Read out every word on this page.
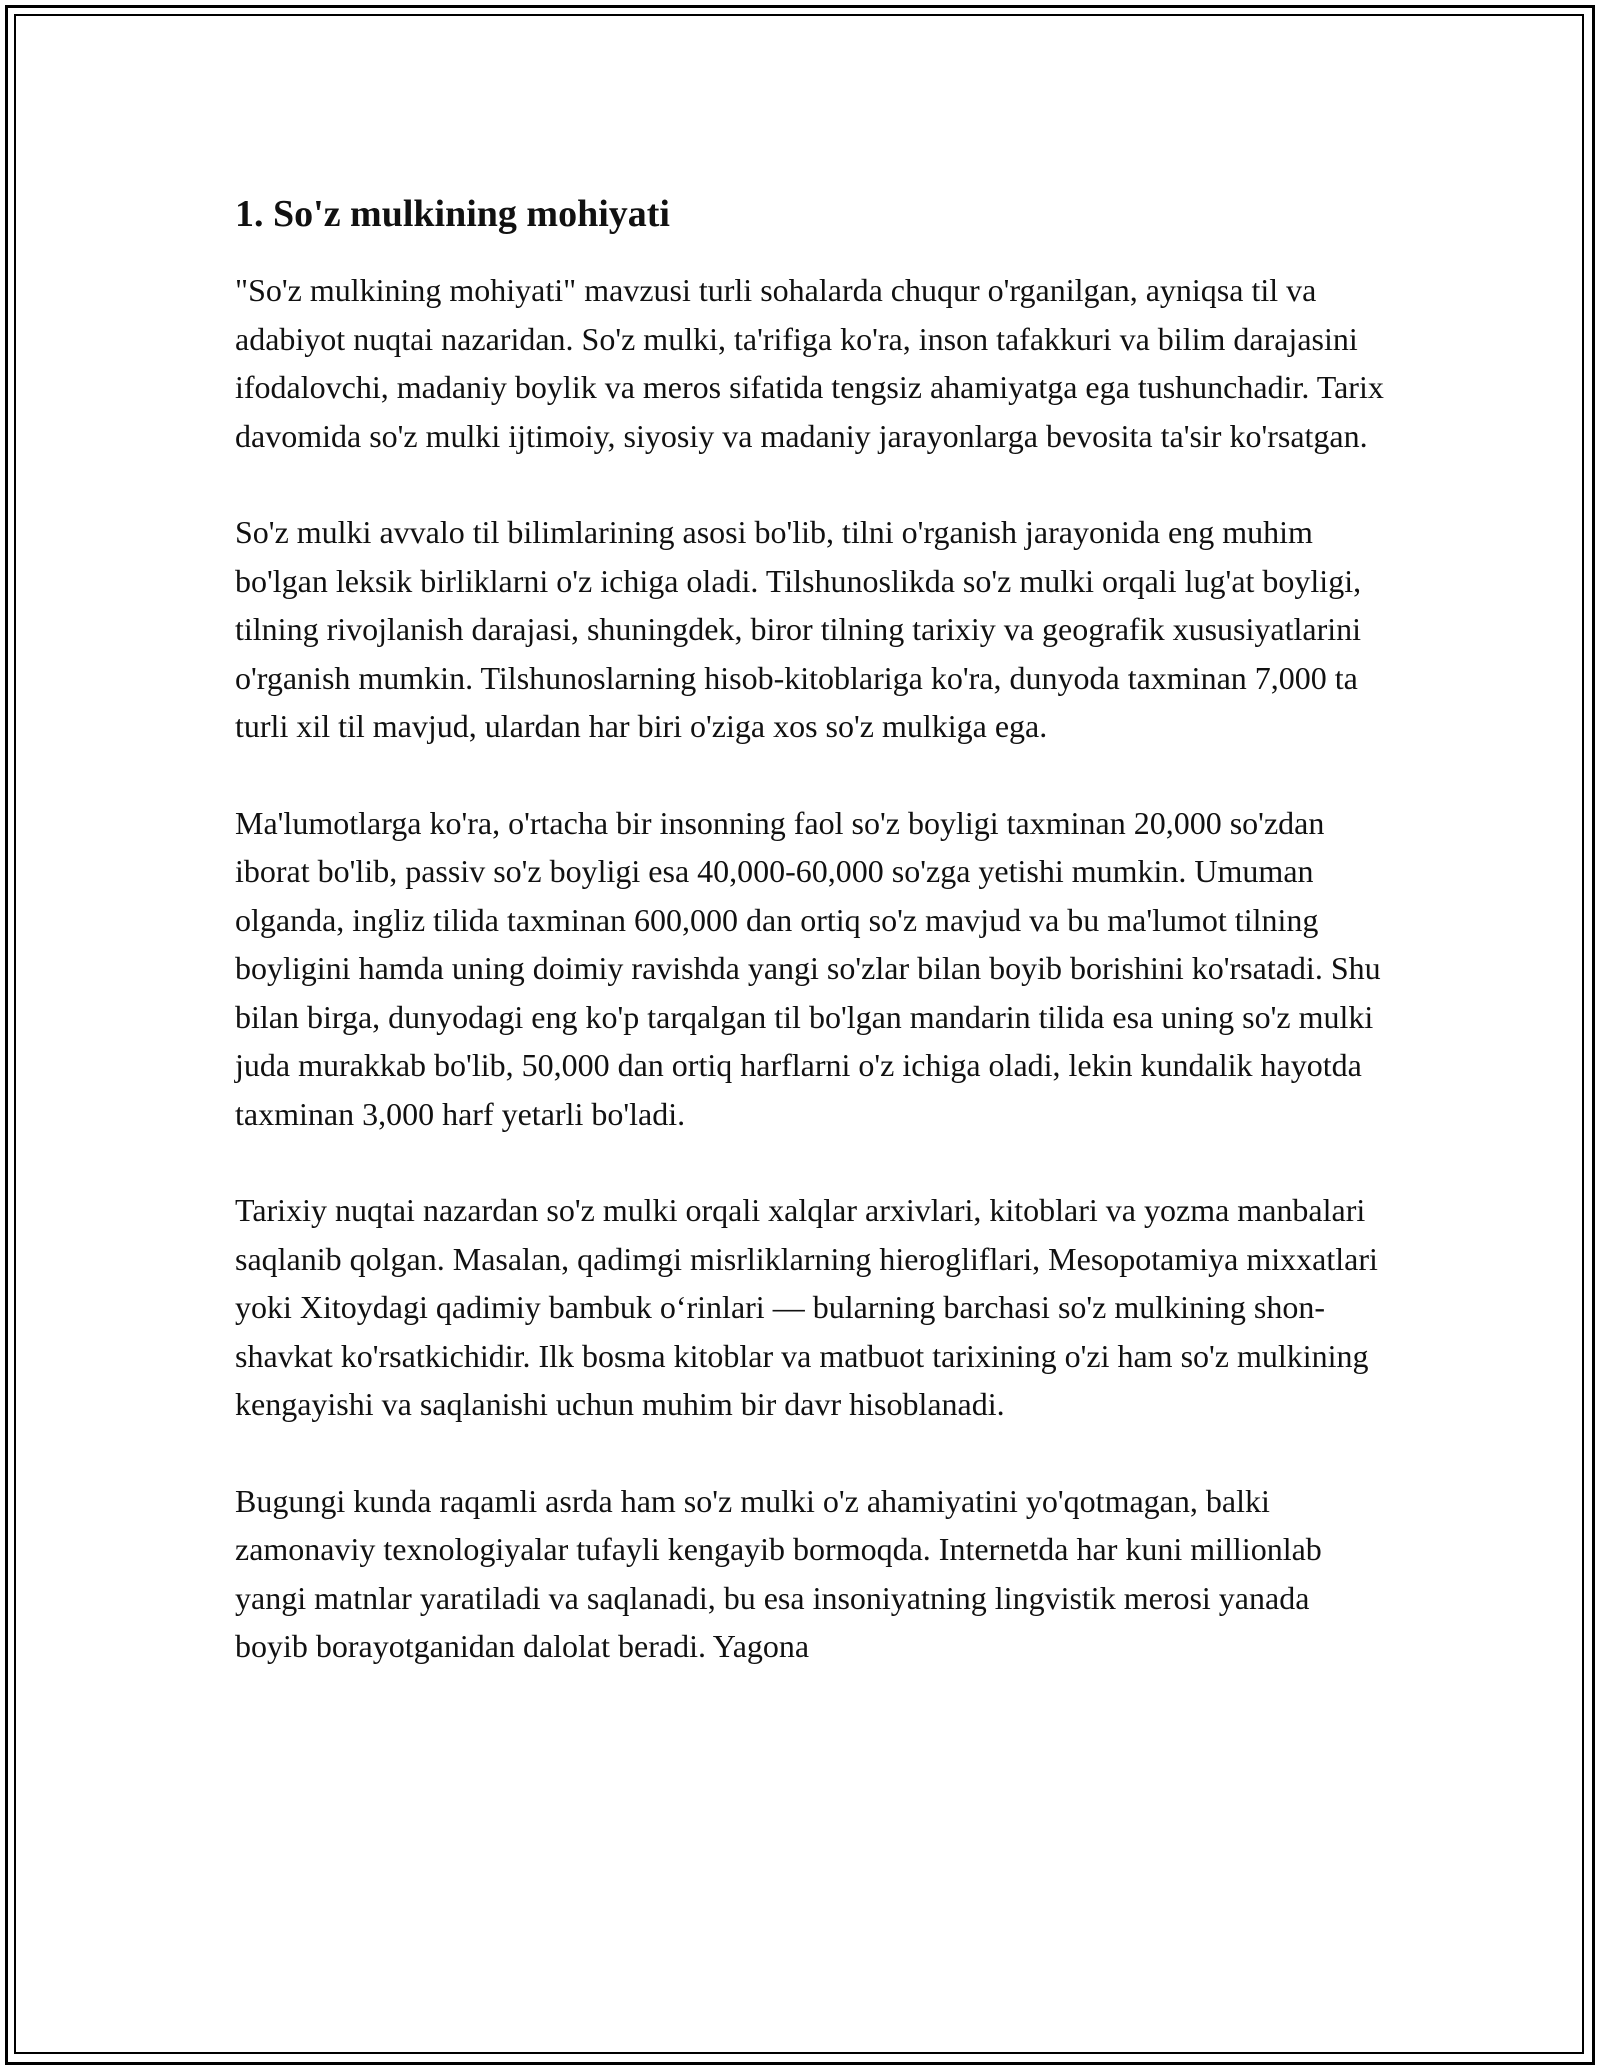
1. So'z mulkining mohiyati

"So'z mulkining mohiyati" mavzusi turli sohalarda chuqur o'rganilgan, ayniqsa til va adabiyot nuqtai nazaridan. So'z mulki, ta'rifiga ko'ra, inson tafakkuri va bilim darajasini ifodalovchi, madaniy boylik va meros sifatida tengsiz ahamiyatga ega tushunchadir. Tarix davomida so'z mulki ijtimoiy, siyosiy va madaniy jarayonlarga bevosita ta'sir ko'rsatgan.

So'z mulki avvalo til bilimlarining asosi bo'lib, tilni o'rganish jarayonida eng muhim bo'lgan leksik birliklarni o'z ichiga oladi. Tilshunoslikda so'z mulki orqali lug'at boyligi, tilning rivojlanish darajasi, shuningdek, biror tilning tarixiy va geografik xususiyatlarini o'rganish mumkin. Tilshunoslarning hisob-kitoblariga ko'ra, dunyoda taxminan 7,000 ta turli xil til mavjud, ulardan har biri o'ziga xos so'z mulkiga ega.

Ma'lumotlarga ko'ra, o'rtacha bir insonning faol so'z boyligi taxminan 20,000 so'zdan iborat bo'lib, passiv so'z boyligi esa 40,000-60,000 so'zga yetishi mumkin. Umuman olganda, ingliz tilida taxminan 600,000 dan ortiq so'z mavjud va bu ma'lumot tilning boyligini hamda uning doimiy ravishda yangi so'zlar bilan boyib borishini ko'rsatadi. Shu bilan birga, dunyodagi eng ko'p tarqalgan til bo'lgan mandarin tilida esa uning so'z mulki juda murakkab bo'lib, 50,000 dan ortiq harflarni o'z ichiga oladi, lekin kundalik hayotda taxminan 3,000 harf yetarli bo'ladi.

Tarixiy nuqtai nazardan so'z mulki orqali xalqlar arxivlari, kitoblari va yozma manbalari saqlanib qolgan. Masalan, qadimgi misrliklarning hierogliflari, Mesopotamiya mixxatlari yoki Xitoydagi qadimiy bambuk oʻrinlari — bularning barchasi so'z mulkining shon-shavkat ko'rsatkichidir. Ilk bosma kitoblar va matbuot tarixining o'zi ham so'z mulkining kengayishi va saqlanishi uchun muhim bir davr hisoblanadi.

Bugungi kunda raqamli asrda ham so'z mulki o'z ahamiyatini yo'qotmagan, balki zamonaviy texnologiyalar tufayli kengayib bormoqda. Internetda har kuni millionlab yangi matnlar yaratiladi va saqlanadi, bu esa insoniyatning lingvistik merosi yanada boyib borayotganidan dalolat beradi. Yagona
